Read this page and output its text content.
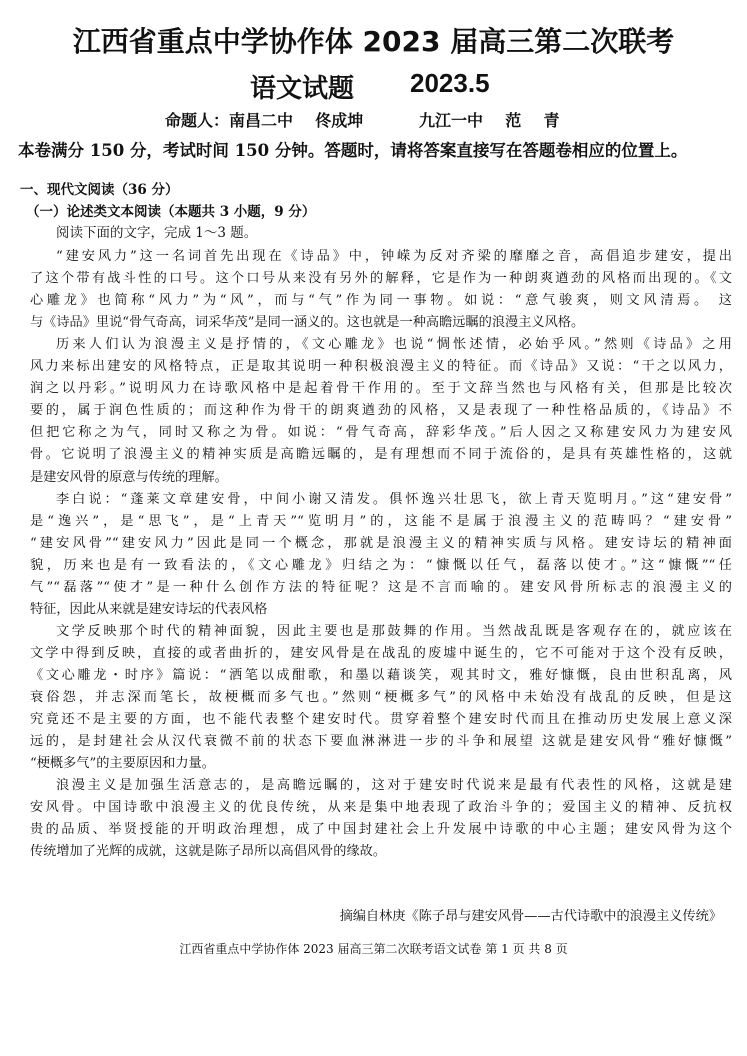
江西省重点中学协作体 2023 届高三第二次联考
语文试题 2023.5
命题人：南昌二中    佟成坤          九江一中    范    青
本卷满分 150 分，考试时间 150 分钟。答题时，请将答案直接写在答题卷相应的位置上。
一、现代文阅读（36 分）
（一）论述类文本阅读（本题共 3 小题，9 分）
阅读下面的文字，完成 1～3 题。
“建安风力”这一名词首先出现在《诗品》中，钟嵘为反对齐梁的靡靡之音，高倡追步建安，提出
了这个带有战斗性的口号。这个口号从来没有另外的解释，它是作为一种朗爽遒劲的风格而出现的。《文
心雕龙》也简称“风力”为“风”，而与“气”作为同一事物。如说：“意气骏爽，则文风清焉。 这
与《诗品》里说“骨气奇高，词采华茂”是同一涵义的。这也就是一种高瞻远瞩的浪漫主义风格。
历来人们认为浪漫主义是抒情的，《文心雕龙》也说“惆怅述情，必始乎风。”然则《诗品》之用
风力来标出建安的风格特点，正是取其说明一种积极浪漫主义的特征。而《诗品》又说：“干之以风力，
润之以丹彩。”说明风力在诗歌风格中是起着骨干作用的。至于文辞当然也与风格有关，但那是比较次
要的，属于润色性质的；而这种作为骨干的朗爽遒劲的风格，又是表现了一种性格品质的，《诗品》不
但把它称之为气，同时又称之为骨。如说：“骨气奇高，辞彩华茂。”后人因之又称建安风力为建安风
骨。它说明了浪漫主义的精神实质是高瞻远瞩的，是有理想而不同于流俗的，是具有英雄性格的，这就
是建安风骨的原意与传统的理解。
李白说：“蓬莱文章建安骨，中间小谢又清发。俱怀逸兴壮思飞，欲上青天览明月。”这“建安骨”
是“逸兴”，是“思飞”，是“上青天”“览明月”的，这能不是属于浪漫主义的范畴吗？“建安骨”
“建安风骨”“建安风力”因此是同一个概念，那就是浪漫主义的精神实质与风格。建安诗坛的精神面
貌，历来也是有一致看法的，《文心雕龙》归结之为：“慷慨以任气，磊落以使才。”这“慷慨”“任
气”“磊落”“使才”是一种什么创作方法的特征呢？这是不言而喻的。建安风骨所标志的浪漫主义的
特征，因此从来就是建安诗坛的代表风格
文学反映那个时代的精神面貌，因此主要也是那鼓舞的作用。当然战乱既是客观存在的，就应该在
文学中得到反映，直接的或者曲折的，建安风骨是在战乱的废墟中诞生的，它不可能对于这个没有反映，
《文心雕龙・时序》篇说：“洒笔以成酣歌，和墨以藉谈笑，观其时文，雅好慷慨，良由世积乱离，风
衰俗怨，并志深而笔长，故梗概而多气也。”然则“梗概多气”的风格中未始没有战乱的反映，但是这
究竟还不是主要的方面，也不能代表整个建安时代。贯穿着整个建安时代而且在推动历史发展上意义深
远的，是封建社会从汉代衰微不前的状态下要血淋淋进一步的斗争和展望 这就是建安风骨“雅好慷慨”
“梗概多气”的主要原因和力量。
浪漫主义是加强生活意志的，是高瞻远瞩的，这对于建安时代说来是最有代表性的风格，这就是建
安风骨。中国诗歌中浪漫主义的优良传统，从来是集中地表现了政治斗争的；爱国主义的精神、反抗权
贵的品质、举贤授能的开明政治理想，成了中国封建社会上升发展中诗歌的中心主题；建安风骨为这个
传统增加了光辉的成就，这就是陈子昂所以高倡风骨的缘故。
摘编自林庚《陈子昂与建安风骨——古代诗歌中的浪漫主义传统》
江西省重点中学协作体 2023 届高三第二次联考语文试卷 第 1 页 共 8 页
